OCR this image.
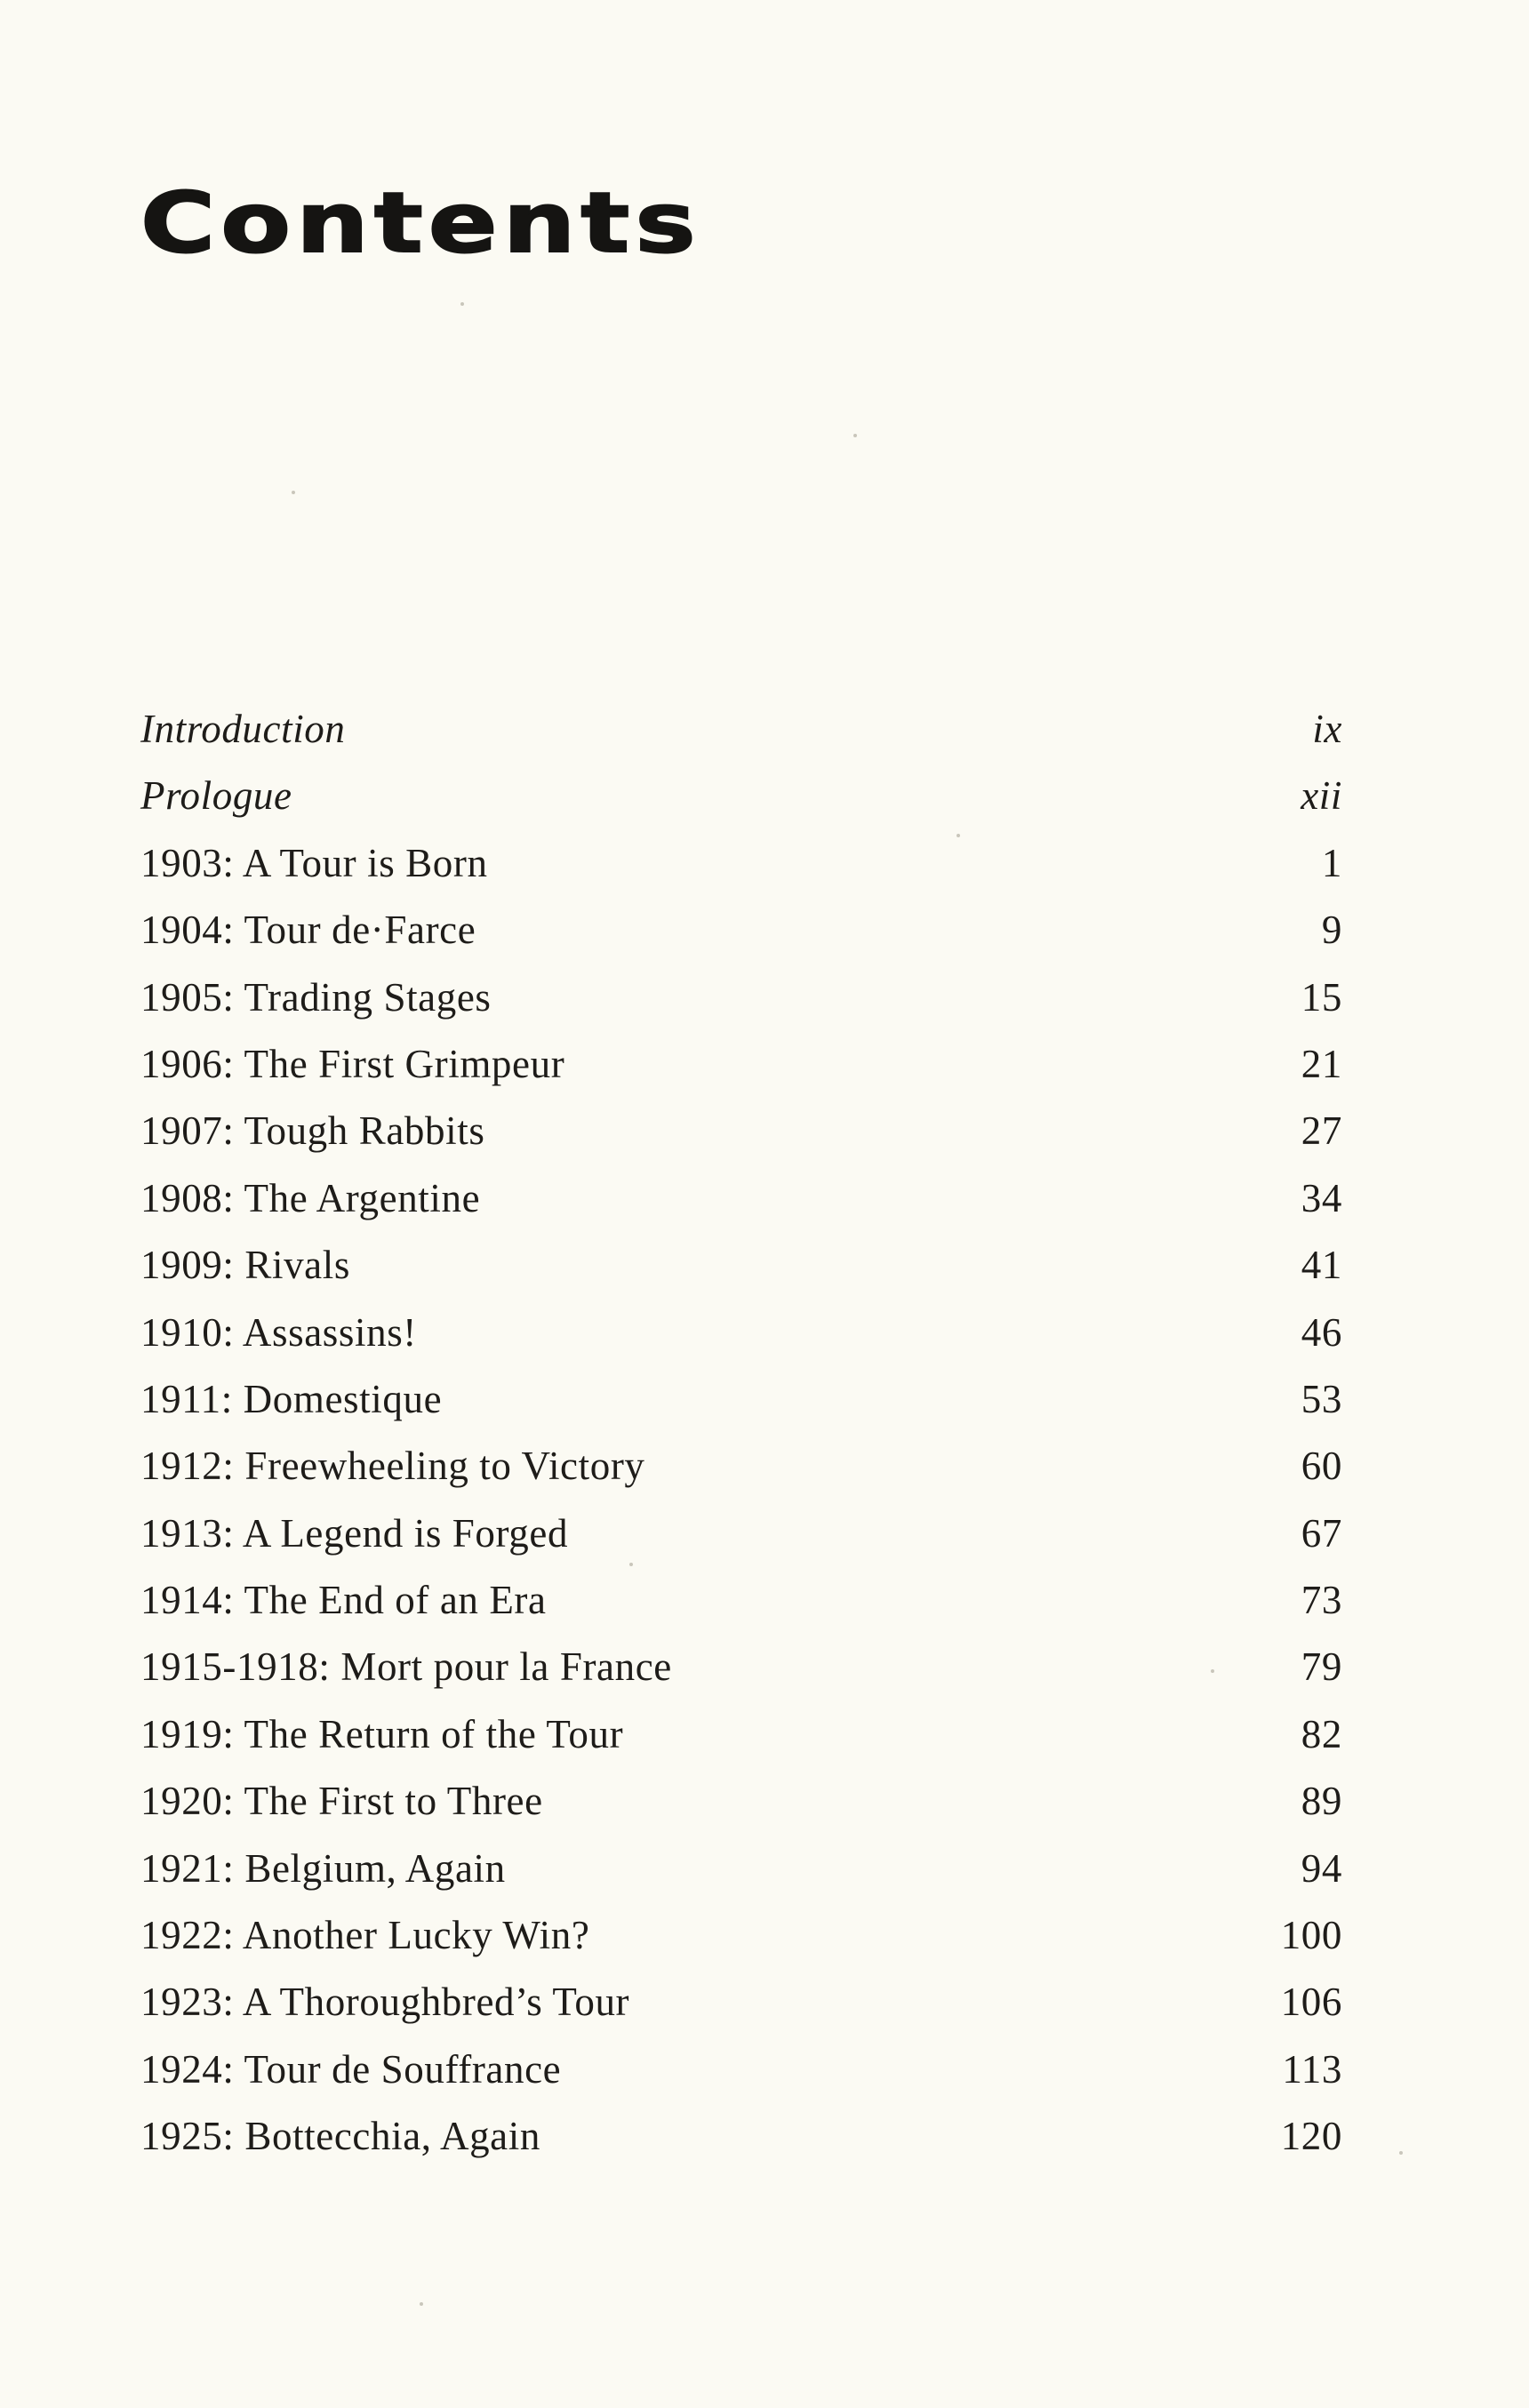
Contents
Introduction	ix
Prologue	xii
1903: A Tour is Born	1
1904: Tour de·Farce	9
1905: Trading Stages	15
1906: The First Grimpeur	21
1907: Tough Rabbits	27
1908: The Argentine	34
1909: Rivals	41
1910: Assassins!	46
1911: Domestique	53
1912: Freewheeling to Victory	60
1913: A Legend is Forged	67
1914: The End of an Era	73
1915-1918: Mort pour la France	79
1919: The Return of the Tour	82
1920: The First to Three	89
1921: Belgium, Again	94
1922: Another Lucky Win?	100
1923: A Thoroughbred’s Tour	106
1924: Tour de Souffrance	113
1925: Bottecchia, Again	120
